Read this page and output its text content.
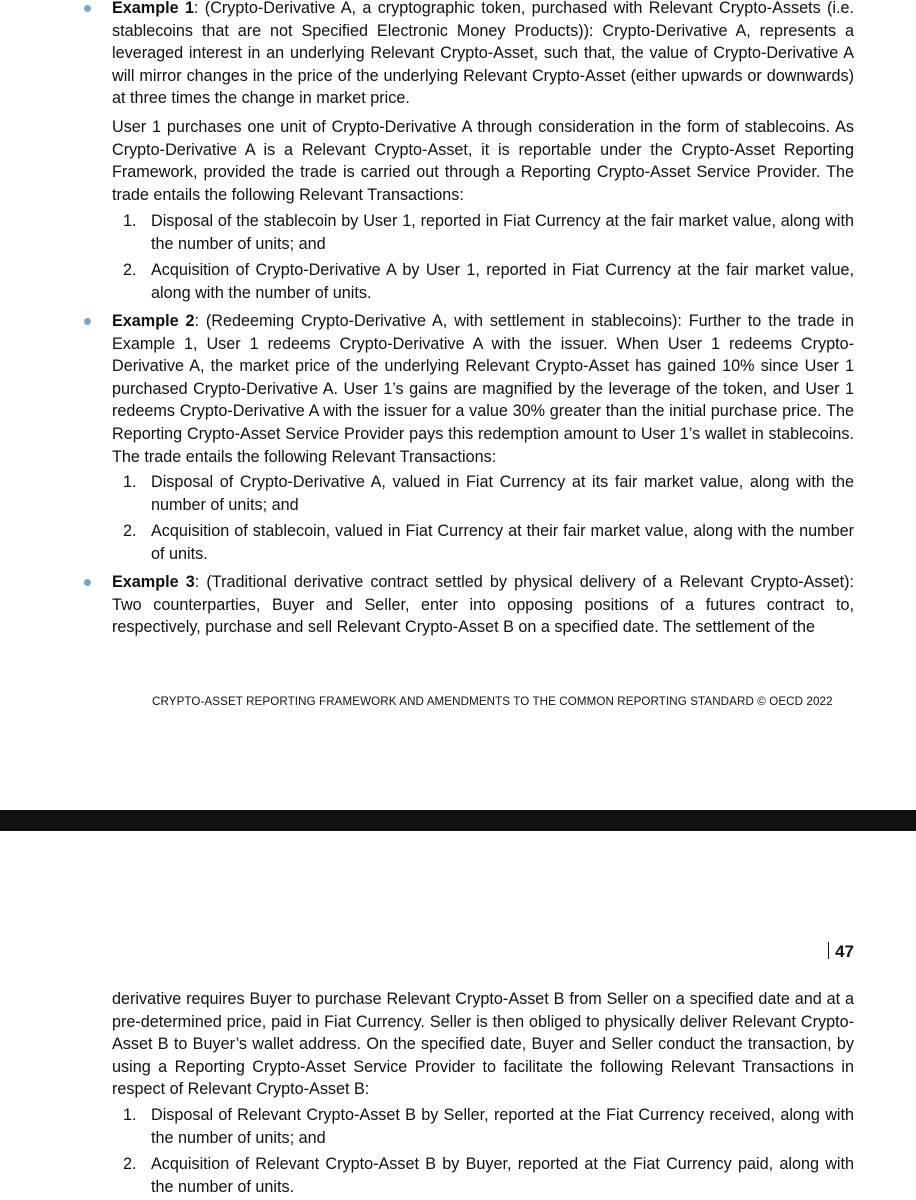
Example 1: (Crypto-Derivative A, a cryptographic token, purchased with Relevant Crypto-Assets (i.e. stablecoins that are not Specified Electronic Money Products)): Crypto-Derivative A, represents a leveraged interest in an underlying Relevant Crypto-Asset, such that, the value of Crypto-Derivative A will mirror changes in the price of the underlying Relevant Crypto-Asset (either upwards or downwards) at three times the change in market price.

User 1 purchases one unit of Crypto-Derivative A through consideration in the form of stablecoins. As Crypto-Derivative A is a Relevant Crypto-Asset, it is reportable under the Crypto-Asset Reporting Framework, provided the trade is carried out through a Reporting Crypto-Asset Service Provider. The trade entails the following Relevant Transactions:

1. Disposal of the stablecoin by User 1, reported in Fiat Currency at the fair market value, along with the number of units; and
2. Acquisition of Crypto-Derivative A by User 1, reported in Fiat Currency at the fair market value, along with the number of units.

Example 2: (Redeeming Crypto-Derivative A, with settlement in stablecoins): Further to the trade in Example 1, User 1 redeems Crypto-Derivative A with the issuer. When User 1 redeems Crypto-Derivative A, the market price of the underlying Relevant Crypto-Asset has gained 10% since User 1 purchased Crypto-Derivative A. User 1’s gains are magnified by the leverage of the token, and User 1 redeems Crypto-Derivative A with the issuer for a value 30% greater than the initial purchase price. The Reporting Crypto-Asset Service Provider pays this redemption amount to User 1’s wallet in stablecoins. The trade entails the following Relevant Transactions:

1. Disposal of Crypto-Derivative A, valued in Fiat Currency at its fair market value, along with the number of units; and
2. Acquisition of stablecoin, valued in Fiat Currency at their fair market value, along with the number of units.

Example 3: (Traditional derivative contract settled by physical delivery of a Relevant Crypto-Asset): Two counterparties, Buyer and Seller, enter into opposing positions of a futures contract to, respectively, purchase and sell Relevant Crypto-Asset B on a specified date. The settlement of the

CRYPTO-ASSET REPORTING FRAMEWORK AND AMENDMENTS TO THE COMMON REPORTING STANDARD © OECD 2022
47

derivative requires Buyer to purchase Relevant Crypto-Asset B from Seller on a specified date and at a pre-determined price, paid in Fiat Currency. Seller is then obliged to physically deliver Relevant Crypto-Asset B to Buyer’s wallet address. On the specified date, Buyer and Seller conduct the transaction, by using a Reporting Crypto-Asset Service Provider to facilitate the following Relevant Transactions in respect of Relevant Crypto-Asset B:

1. Disposal of Relevant Crypto-Asset B by Seller, reported at the Fiat Currency received, along with the number of units; and
2. Acquisition of Relevant Crypto-Asset B by Buyer, reported at the Fiat Currency paid, along with the number of units.
